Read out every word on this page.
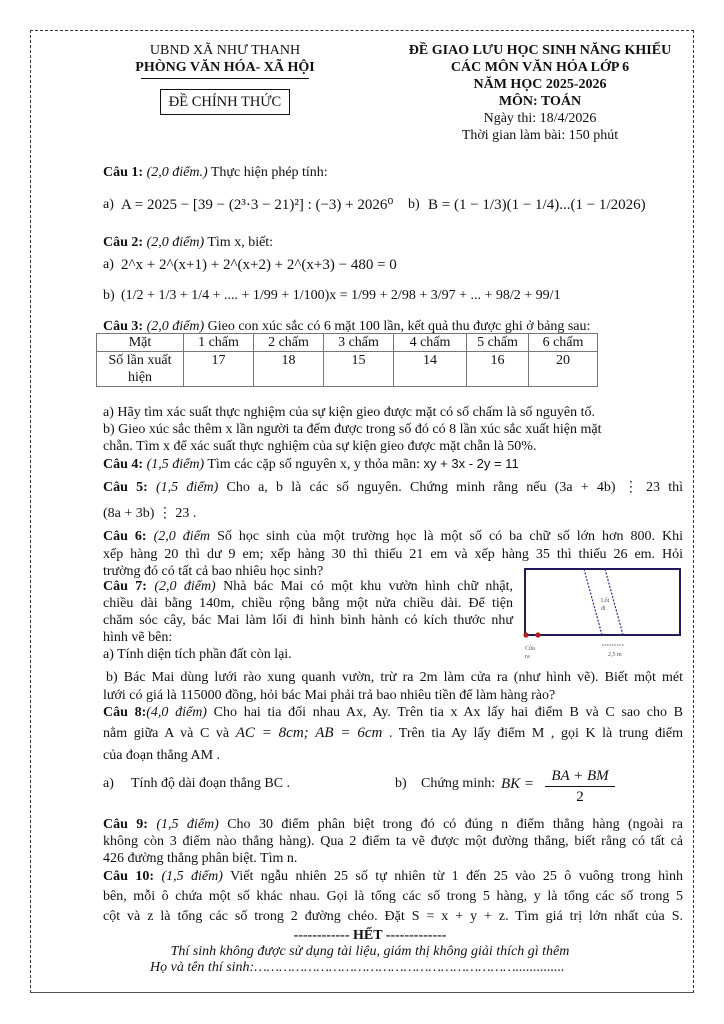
UBND XÃ NHƯ THANH
PHÒNG VĂN HÓA- XÃ HỘI
ĐỀ CHÍNH THỨC
ĐỀ GIAO LƯU HỌC SINH NĂNG KHIẾU
CÁC MÔN VĂN HÓA LỚP 6
NĂM HỌC 2025-2026
MÔN: TOÁN
Ngày thi: 18/4/2026
Thời gian làm bài: 150 phút
Câu 1: (2,0 điểm.) Thực hiện phép tính:
a) A = 2025 − [39 − (2³·3 − 21)²] : (−3) + 2026⁰ b) B = (1 − 1/3)(1 − 1/4)...(1 − 1/2026)
Câu 2: (2,0 điểm) Tìm x, biết:
a) 2^x + 2^(x+1) + 2^(x+2) + 2^(x+3) − 480 = 0
b) (1/2 + 1/3 + 1/4 + .... + 1/99 + 1/100)x = 1/99 + 2/98 + 3/97 + ... + 98/2 + 99/1
Câu 3: (2,0 điểm) Gieo con xúc sắc có 6 mặt 100 lần, kết quả thu được ghi ở bảng sau:
Mặt	1 chấm	2 chấm	3 chấm	4 chấm	5 chấm	6 chấm
Số lần xuất hiện	17	18	15	14	16	20
a) Hãy tìm xác suất thực nghiệm của sự kiện gieo được mặt có số chấm là số nguyên tố.
b) Gieo xúc sắc thêm x lần người ta đếm được trong số đó có 8 lần xúc sắc xuất hiện mặt
chẵn. Tìm x để xác suất thực nghiệm của sự kiện gieo được mặt chẵn là 50%.
Câu 4: (1,5 điểm) Tìm các cặp số nguyên x, y thỏa mãn: xy + 3x - 2y = 11
Câu 5: (1,5 điểm) Cho a, b là các số nguyên. Chứng minh rằng nếu (3a + 4b) ⋮ 23 thì
(8a + 3b) ⋮ 23 .
Câu 6: (2,0 điểm Số học sinh của một trường học là một số có ba chữ số lớn hơn 800. Khi
xếp hàng 20 thì dư 9 em; xếp hàng 30 thì thiếu 21 em và xếp hàng 35 thì thiếu 26 em. Hỏi
trường đó có tất cả bao nhiêu học sinh?
Câu 7: (2,0 điểm) Nhà bác Mai có một khu vườn hình chữ nhật,
chiều dài bằng 140m, chiều rộng bằng một nửa chiều dài. Để tiện
chăm sóc cây, bác Mai làm lối đi hình bình hành có kích thước như
hình vẽ bên:
a) Tính diện tích phần đất còn lại.
Lối
đi
Cửa
ra	2,5 m
b) Bác Mai dùng lưới rào xung quanh vườn, trừ ra 2m làm cửa ra (như hình vẽ). Biết một mét
lưới có giá là 115000 đồng, hỏi bác Mai phải trả bao nhiêu tiền để làm hàng rào?
Câu 8:(4,0 điểm) Cho hai tia đối nhau Ax, Ay. Trên tia x Ax lấy hai điểm B và C sao cho B
nằm giữa A và C và AC = 8cm; AB = 6cm . Trên tia Ay lấy điểm M , gọi K là trung điểm
của đoạn thẳng AM .
a) Tính độ dài đoạn thẳng BC .	b) Chứng minh: BK = $\frac{BA + BM}{2}$
Câu 9: (1,5 điểm) Cho 30 điểm phân biệt trong đó có đúng n điểm thẳng hàng (ngoài ra
không còn 3 điểm nào thẳng hàng). Qua 2 điểm ta vẽ được một đường thẳng, biết rằng có tất cả
426 đường thẳng phân biệt. Tìm n.
Câu 10: (1,5 điểm) Viết ngẫu nhiên 25 số tự nhiên từ 1 đến 25 vào 25 ô vuông trong hình
bên, mỗi ô chứa một số khác nhau. Gọi là tổng các số trong 5 hàng, y là tổng các số trong 5
cột và z là tổng các số trong 2 đường chéo. Đặt S = x + y + z. Tìm giá trị lớn nhất của S.
------------ HẾT -------------
Thí sinh không được sử dụng tài liệu, giám thị không giải thích gì thêm
Họ và tên thí sinh:………………………………………………………..............
